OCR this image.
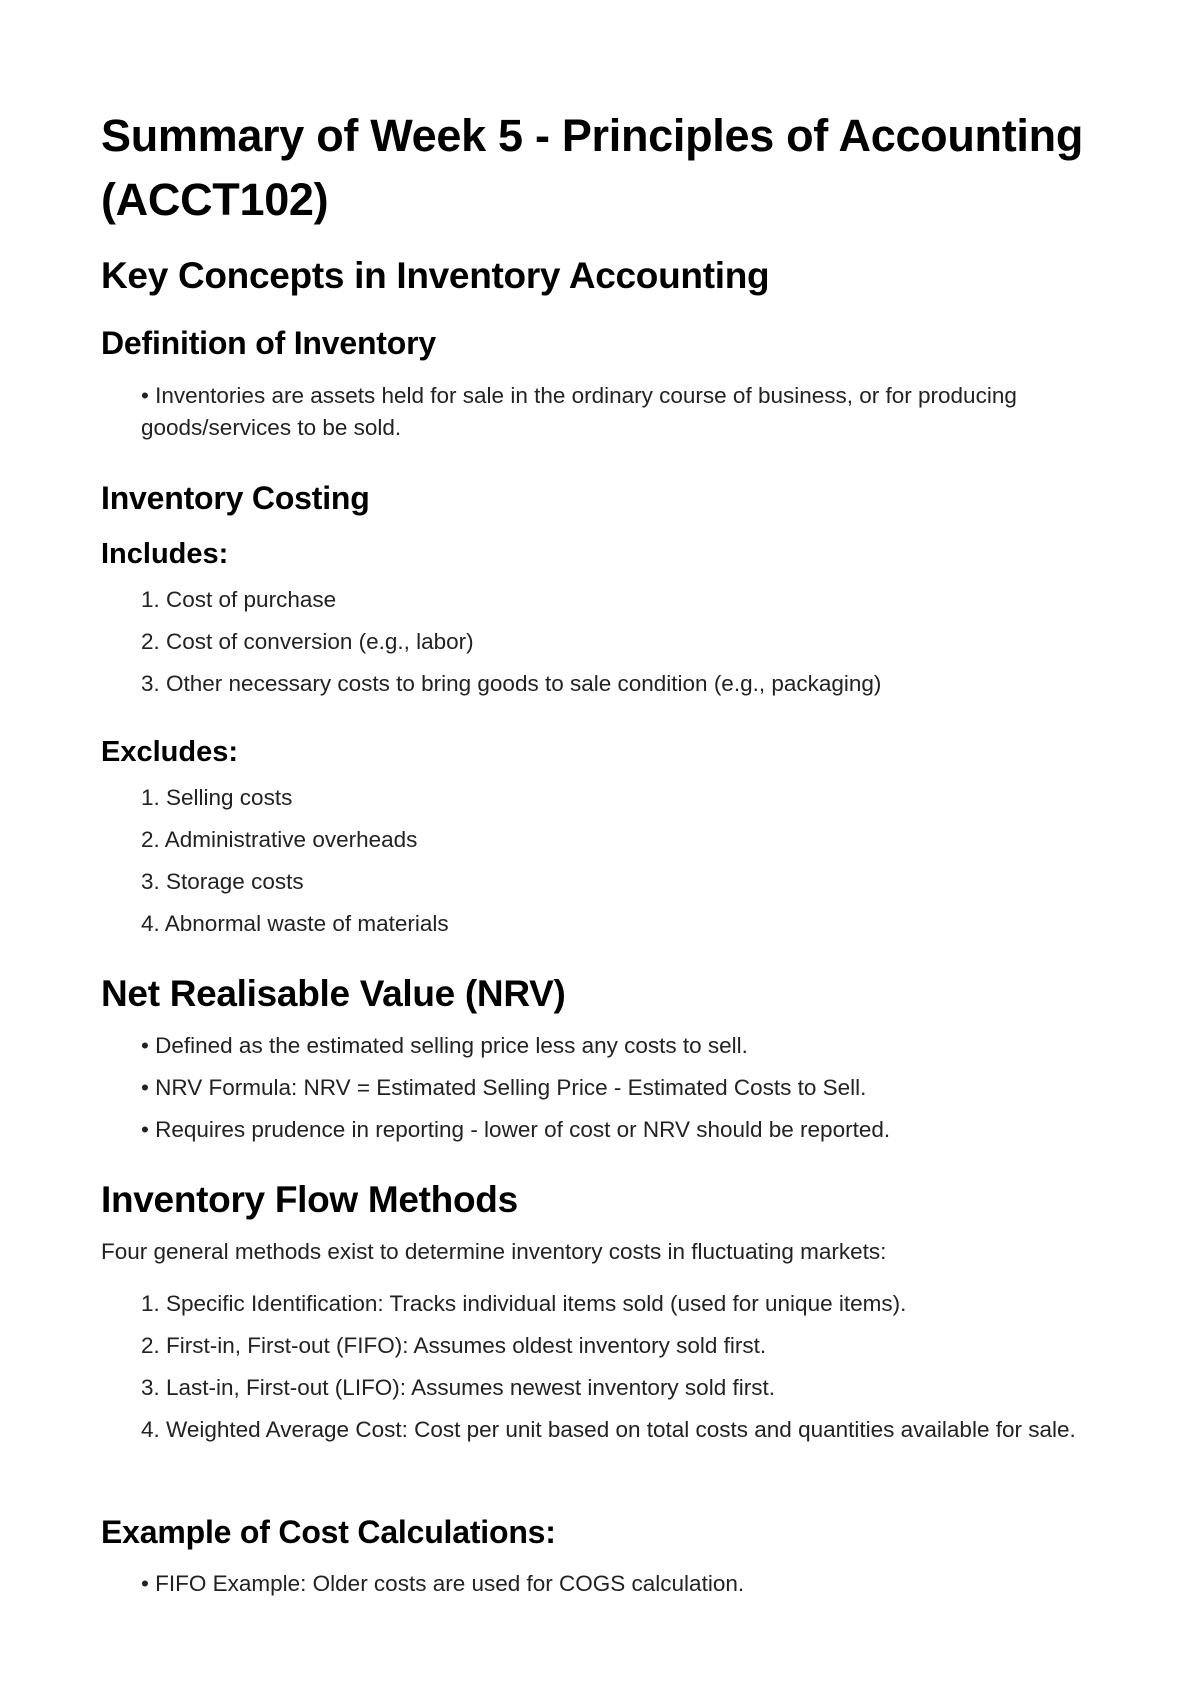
Summary of Week 5 - Principles of Accounting (ACCT102)
Key Concepts in Inventory Accounting
Definition of Inventory

• Inventories are assets held for sale in the ordinary course of business, or for producing goods/services to be sold.

Inventory Costing
Includes:

1. Cost of purchase

2. Cost of conversion (e.g., labor)

3. Other necessary costs to bring goods to sale condition (e.g., packaging)

Excludes:

1. Selling costs

2. Administrative overheads

3. Storage costs

4. Abnormal waste of materials

Net Realisable Value (NRV)

• Defined as the estimated selling price less any costs to sell.

• NRV Formula: NRV = Estimated Selling Price - Estimated Costs to Sell.

• Requires prudence in reporting - lower of cost or NRV should be reported.

Inventory Flow Methods

Four general methods exist to determine inventory costs in fluctuating markets:

1. Specific Identification: Tracks individual items sold (used for unique items).

2. First-in, First-out (FIFO): Assumes oldest inventory sold first.

3. Last-in, First-out (LIFO): Assumes newest inventory sold first.

4. Weighted Average Cost: Cost per unit based on total costs and quantities available for sale.

Example of Cost Calculations:

• FIFO Example: Older costs are used for COGS calculation.
